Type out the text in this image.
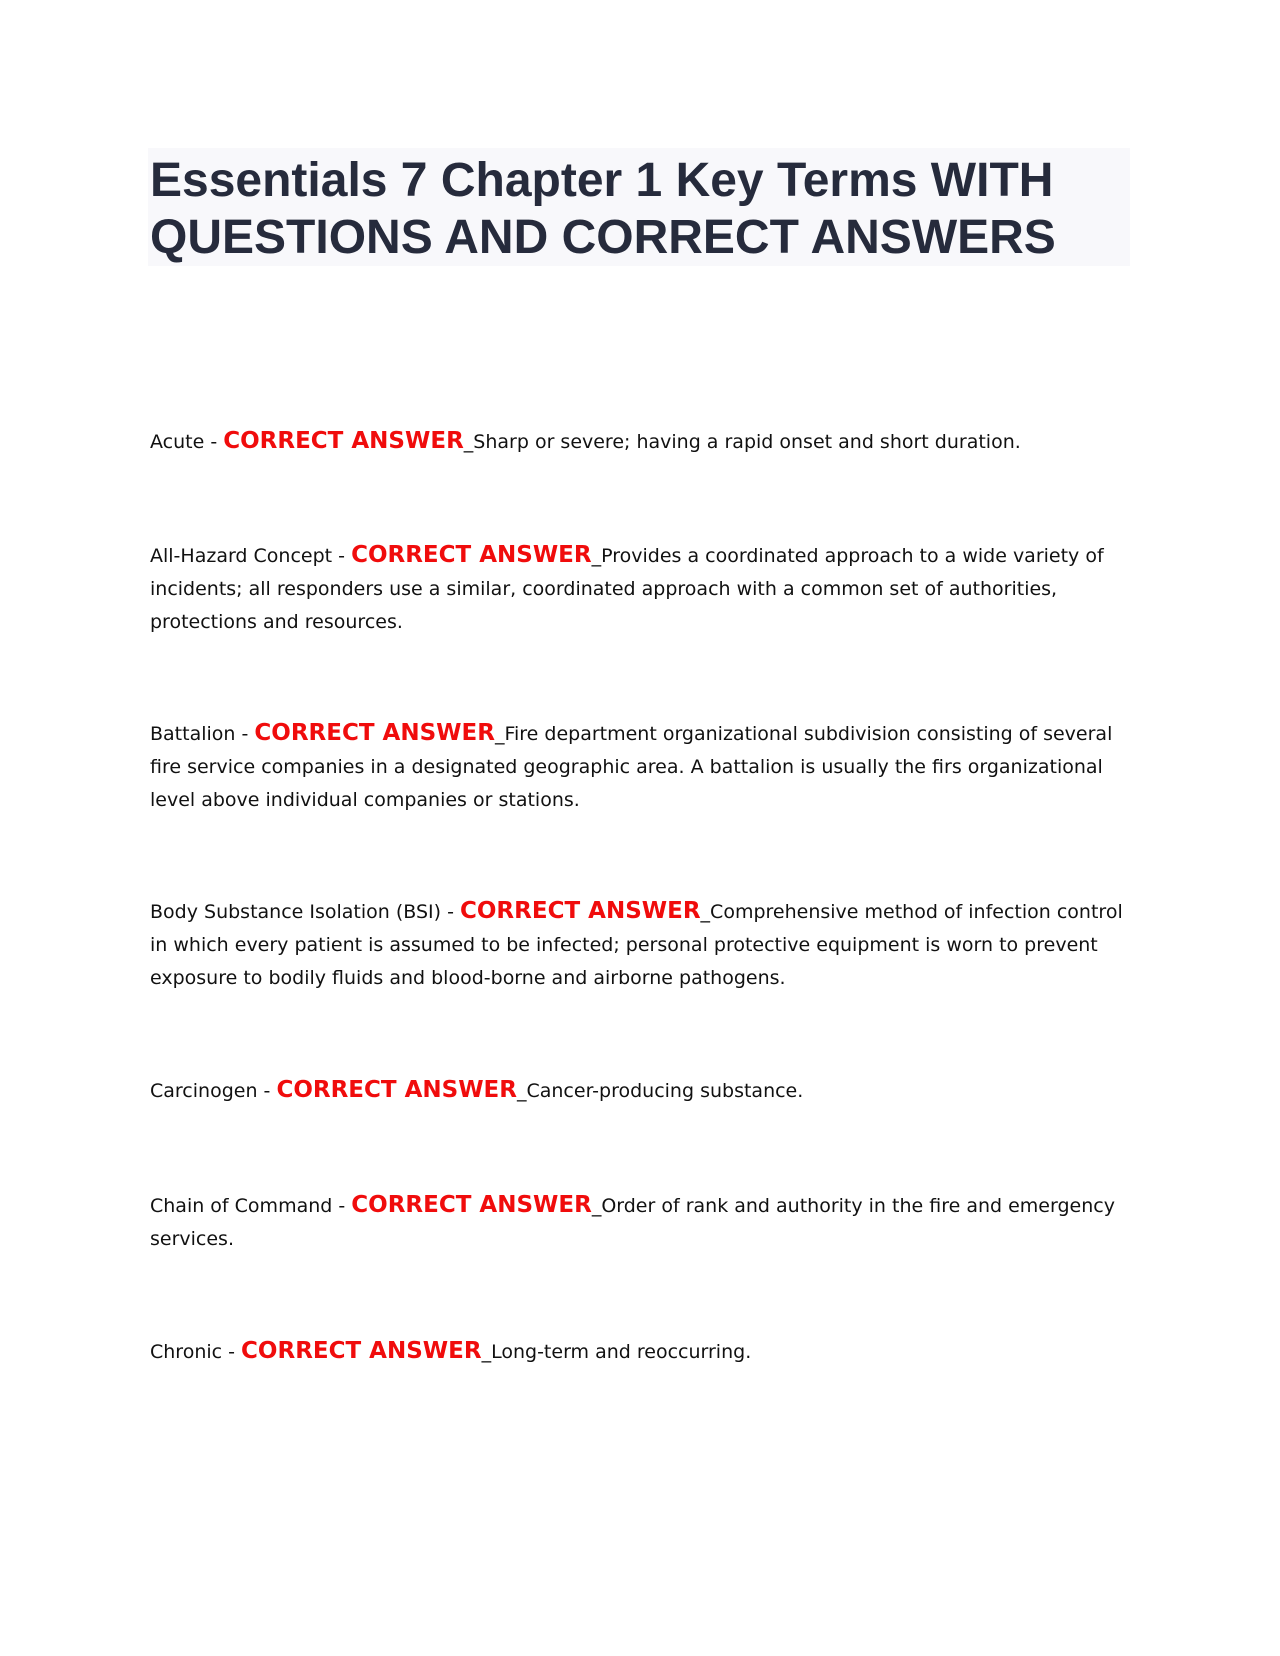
Essentials 7 Chapter 1 Key Terms WITH QUESTIONS AND CORRECT ANSWERS

Acute - CORRECT ANSWER_Sharp or severe; having a rapid onset and short duration.

All-Hazard Concept - CORRECT ANSWER_Provides a coordinated approach to a wide variety of incidents; all responders use a similar, coordinated approach with a common set of authorities, protections and resources.

Battalion - CORRECT ANSWER_Fire department organizational subdivision consisting of several fire service companies in a designated geographic area. A battalion is usually the firs organizational level above individual companies or stations.

Body Substance Isolation (BSI) - CORRECT ANSWER_Comprehensive method of infection control in which every patient is assumed to be infected; personal protective equipment is worn to prevent exposure to bodily fluids and blood-borne and airborne pathogens.

Carcinogen - CORRECT ANSWER_Cancer-producing substance.

Chain of Command - CORRECT ANSWER_Order of rank and authority in the fire and emergency services.

Chronic - CORRECT ANSWER_Long-term and reoccurring.
